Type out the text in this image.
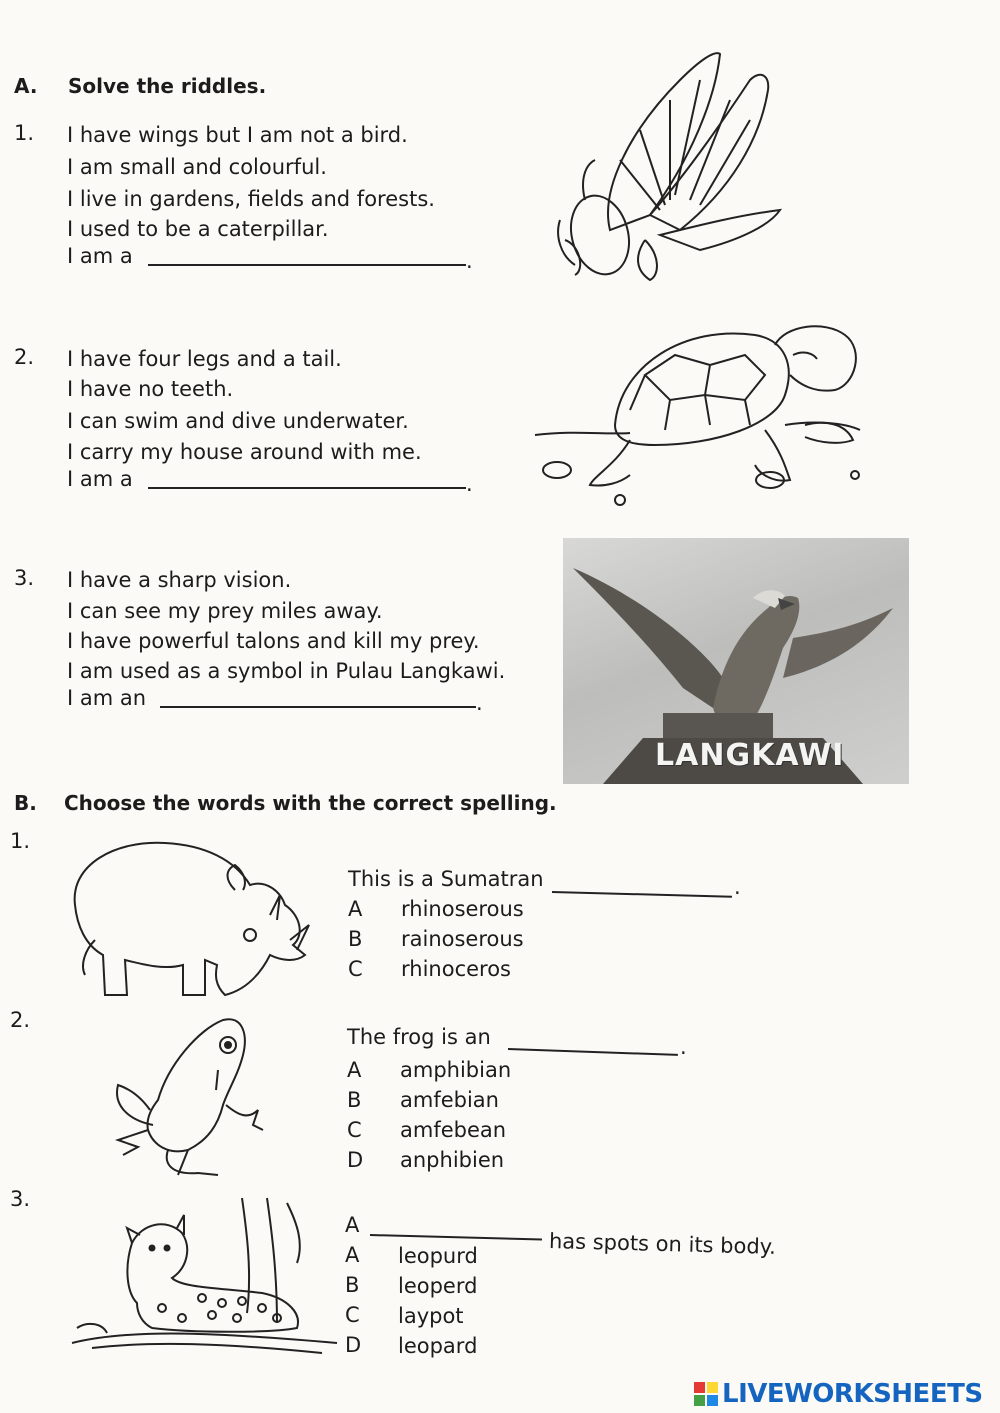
A. Solve the riddles.
1. I have wings but I am not a bird.
I am small and colourful.
I live in gardens, fields and forests.
I used to be a caterpillar.
I am a	.
2. I have four legs and a tail.
I have no teeth.
I can swim and dive underwater.
I carry my house around with me.
I am a	.
3. I have a sharp vision.
I can see my prey miles away.
I have powerful talons and kill my prey.
I am used as a symbol in Pulau Langkawi.
I am an	.
LANGKAWI
B. Choose the words with the correct spelling.
1.
This is a Sumatran	.
A	rhinoserous
B	rainoserous
C	rhinoceros
2.
The frog is an	.
A	amphibian
B	amfebian
C	amfebean
D	anphibien
3.
A
has spots on its body.
A	leopurd
B	leoperd
C	laypot
D	leopard
LIVEWORKSHEETS
